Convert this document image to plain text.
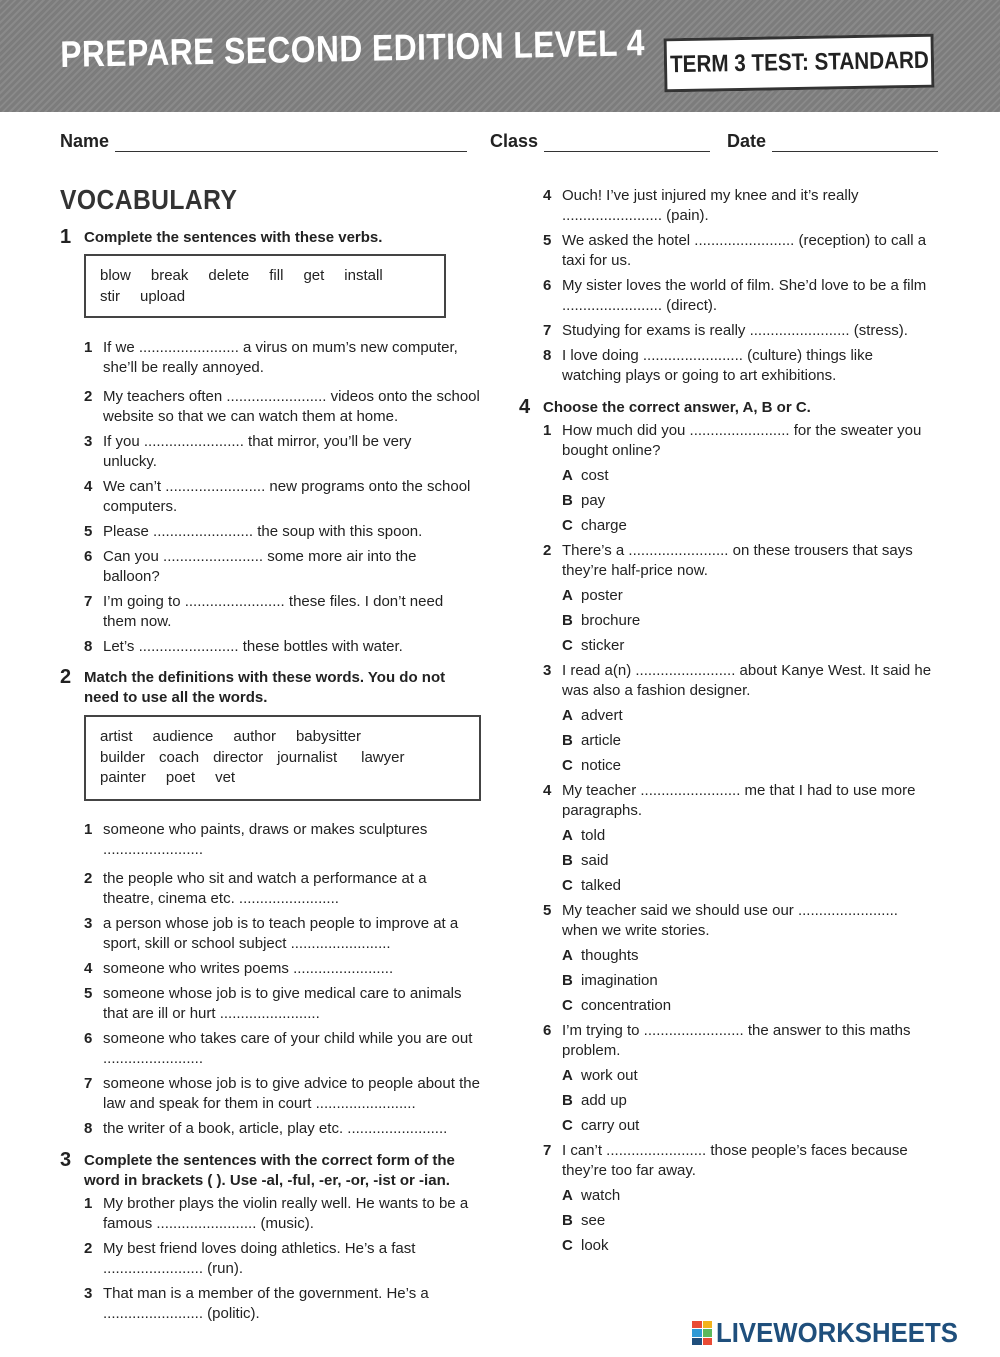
PREPARE SECOND EDITION LEVEL 4 TERM 3 TEST: STANDARD
Name	Class	Date
VOCABULARY
1 Complete the sentences with these verbs.
blow break delete fill get install
stir upload
1 If we ........................ a virus on mum’s new computer, she’ll be really annoyed.
2 My teachers often ........................ videos onto the school website so that we can watch them at home.
3 If you ........................ that mirror, you’ll be very unlucky.
4 We can’t ........................ new programs onto the school computers.
5 Please ........................ the soup with this spoon.
6 Can you ........................ some more air into the balloon?
7 I’m going to ........................ these files. I don’t need them now.
8 Let’s ........................ these bottles with water.
2 Match the definitions with these words. You do not need to use all the words.
artist audience author babysitter
builder coach director journalist lawyer
painter poet vet
1 someone who paints, draws or makes sculptures ........................
2 the people who sit and watch a performance at a theatre, cinema etc. ........................
3 a person whose job is to teach people to improve at a sport, skill or school subject ........................
4 someone who writes poems ........................
5 someone whose job is to give medical care to animals that are ill or hurt ........................
6 someone who takes care of your child while you are out ........................
7 someone whose job is to give advice to people about the law and speak for them in court ........................
8 the writer of a book, article, play etc. ........................
3 Complete the sentences with the correct form of the word in brackets ( ). Use -al, -ful, -er, -or, -ist or -ian.
1 My brother plays the violin really well. He wants to be a famous ........................ (music).
2 My best friend loves doing athletics. He’s a fast ........................ (run).
3 That man is a member of the government. He’s a ........................ (politic).
4 Ouch! I’ve just injured my knee and it’s really ........................ (pain).
5 We asked the hotel ........................ (reception) to call a taxi for us.
6 My sister loves the world of film. She’d love to be a film ........................ (direct).
7 Studying for exams is really ........................ (stress).
8 I love doing ........................ (culture) things like watching plays or going to art exhibitions.
4 Choose the correct answer, A, B or C.
1 How much did you ........................ for the sweater you bought online?
A cost
B pay
C charge
2 There’s a ........................ on these trousers that says they’re half-price now.
A poster
B brochure
C sticker
3 I read a(n) ........................ about Kanye West. It said he was also a fashion designer.
A advert
B article
C notice
4 My teacher ........................ me that I had to use more paragraphs.
A told
B said
C talked
5 My teacher said we should use our ........................ when we write stories.
A thoughts
B imagination
C concentration
6 I’m trying to ........................ the answer to this maths problem.
A work out
B add up
C carry out
7 I can’t ........................ those people’s faces because they’re too far away.
A watch
B see
C look
LIVEWORKSHEETS
